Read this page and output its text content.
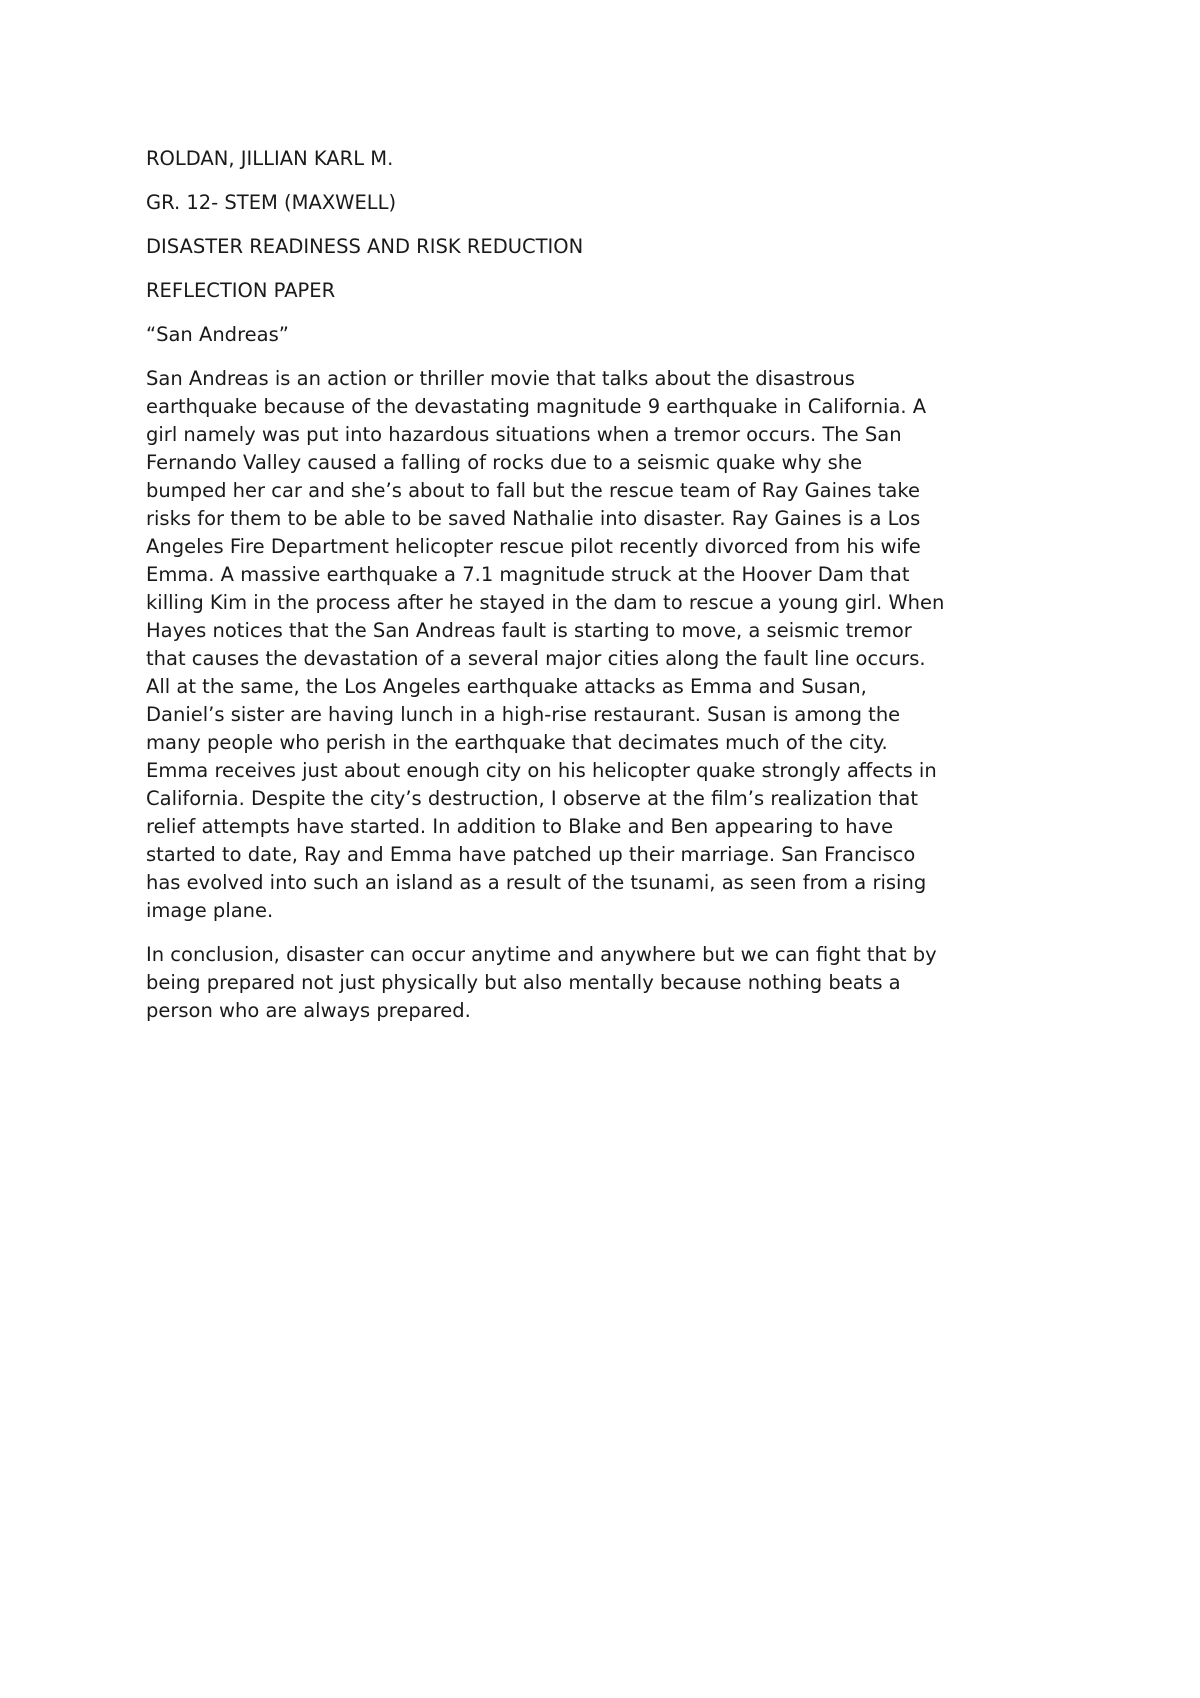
ROLDAN, JILLIAN KARL M.

GR. 12- STEM (MAXWELL)

DISASTER READINESS AND RISK REDUCTION

REFLECTION PAPER

“San Andreas”

San Andreas is an action or thriller movie that talks about the disastrous

earthquake because of the devastating magnitude 9 earthquake in California. A

girl namely was put into hazardous situations when a tremor occurs. The San

Fernando Valley caused a falling of rocks due to a seismic quake why she

bumped her car and she’s about to fall but the rescue team of Ray Gaines take

risks for them to be able to be saved Nathalie into disaster. Ray Gaines is a Los

Angeles Fire Department helicopter rescue pilot recently divorced from his wife

Emma. A massive earthquake a 7.1 magnitude struck at the Hoover Dam that

killing Kim in the process after he stayed in the dam to rescue a young girl. When

Hayes notices that the San Andreas fault is starting to move, a seismic tremor

that causes the devastation of a several major cities along the fault line occurs.

All at the same, the Los Angeles earthquake attacks as Emma and Susan,

Daniel’s sister are having lunch in a high-rise restaurant. Susan is among the

many people who perish in the earthquake that decimates much of the city.

Emma receives just about enough city on his helicopter quake strongly affects in

California. Despite the city’s destruction, I observe at the film’s realization that

relief attempts have started. In addition to Blake and Ben appearing to have

started to date, Ray and Emma have patched up their marriage. San Francisco

has evolved into such an island as a result of the tsunami, as seen from a rising

image plane.

In conclusion, disaster can occur anytime and anywhere but we can fight that by

being prepared not just physically but also mentally because nothing beats a

person who are always prepared.
